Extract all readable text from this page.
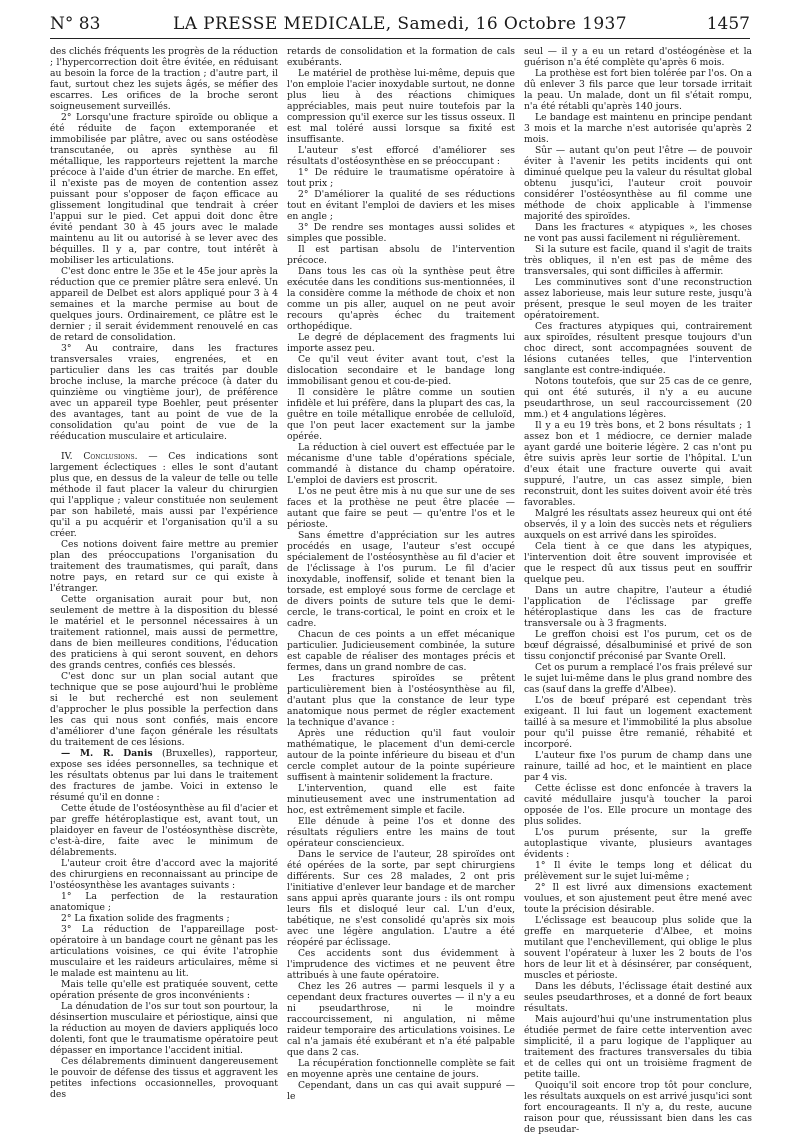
N° 83	LA PRESSE MEDICALE, Samedi, 16 Octobre 1937	1457

des clichés fréquents les progrès de la réduction ; l'hypercorrection doit être évitée, en réduisant au besoin la force de la traction ; d'autre part, il faut, surtout chez les sujets âgés, se méfier des escarres. Les orifices de la broche seront soigneusement surveillés.

2° Lorsqu'une fracture spiroïde ou oblique a été réduite de façon extemporanée et immobilisée par plâtre, avec ou sans ostéodèse transcutanée, ou après synthèse au fil métallique, les rapporteurs rejettent la marche précoce à l'aide d'un étrier de marche. En effet, il n'existe pas de moyen de contention assez puissant pour s'opposer de façon efficace au glissement longitudinal que tendrait à créer l'appui sur le pied. Cet appui doit donc être évité pendant 30 à 45 jours avec le malade maintenu au lit ou autorisé à se lever avec des béquilles. Il y a, par contre, tout intérêt à mobiliser les articulations.

C'est donc entre le 35e et le 45e jour après la réduction que ce premier plâtre sera enlevé. Un appareil de Delbet est alors appliqué pour 3 à 4 semaines et la marche permise au bout de quelques jours. Ordinairement, ce plâtre est le dernier ; il serait évidemment renouvelé en cas de retard de consolidation.

3° Au contraire, dans les fractures transversales vraies, engrenées, et en particulier dans les cas traités par double broche incluse, la marche précoce (à dater du quinzième ou vingtième jour), de préférence avec un appareil type Boehler, peut présenter des avantages, tant au point de vue de la consolidation qu'au point de vue de la rééducation musculaire et articulaire.

IV. Conclusions. — Ces indications sont largement éclectiques : elles le sont d'autant plus que, en dessus de la valeur de telle ou telle méthode il faut placer la valeur du chirurgien qui l'applique ; valeur constituée non seulement par son habileté, mais aussi par l'expérience qu'il a pu acquérir et l'organisation qu'il a su créer.

Ces notions doivent faire mettre au premier plan des préoccupations l'organisation du traitement des traumatismes, qui paraît, dans notre pays, en retard sur ce qui existe à l'étranger.

Cette organisation aurait pour but, non seulement de mettre à la disposition du blessé le matériel et le personnel nécessaires à un traitement rationnel, mais aussi de permettre, dans de bien meilleures conditions, l'éducation des praticiens à qui seront souvent, en dehors des grands centres, confiés ces blessés.

C'est donc sur un plan social autant que technique que se pose aujourd'hui le problème si le but recherché est non seulement d'approcher le plus possible la perfection dans les cas qui nous sont confiés, mais encore d'améliorer d'une façon générale les résultats du traitement de ces lésions.

— M. R. Danis (Bruxelles), rapporteur, expose ses idées personnelles, sa technique et les résultats obtenus par lui dans le traitement des fractures de jambe. Voici in extenso le résumé qu'il en donne :

Cette étude de l'ostéosynthèse au fil d'acier et par greffe hétéroplastique est, avant tout, un plaidoyer en faveur de l'ostéosynthèse discrète, c'est-à-dire, faite avec le minimum de délabrements.

L'auteur croit être d'accord avec la majorité des chirurgiens en reconnaissant au principe de l'ostéosynthèse les avantages suivants :

1° La perfection de la restauration anatomique ;

2° La fixation solide des fragments ;

3° La réduction de l'appareillage post-opératoire à un bandage court ne gênant pas les articulations voisines, ce qui évite l'atrophie musculaire et les raideurs articulaires, même si le malade est maintenu au lit.

Mais telle qu'elle est pratiquée souvent, cette opération présente de gros inconvénients :

La dénudation de l'os sur tout son pourtour, la désinsertion musculaire et périostique, ainsi que la réduction au moyen de daviers appliqués loco dolenti, font que le traumatisme opératoire peut dépasser en importance l'accident initial.

Ces délabrements diminuent dangereusement le pouvoir de défense des tissus et aggravent les petites infections occasionnelles, provoquant des

retards de consolidation et la formation de cals exubérants.

Le matériel de prothèse lui-même, depuis que l'on emploie l'acier inoxydable surtout, ne donne plus lieu à des réactions chimiques appréciables, mais peut nuire toutefois par la compression qu'il exerce sur les tissus osseux. Il est mal toléré aussi lorsque sa fixité est insuffisante.

L'auteur s'est efforcé d'améliorer ses résultats d'ostéosynthèse en se préoccupant :

1° De réduire le traumatisme opératoire à tout prix ;

2° D'améliorer la qualité de ses réductions tout en évitant l'emploi de daviers et les mises en angle ;

3° De rendre ses montages aussi solides et simples que possible.

Il est partisan absolu de l'intervention précoce.

Dans tous les cas où la synthèse peut être exécutée dans les conditions sus-mentionnées, il la considère comme la méthode de choix et non comme un pis aller, auquel on ne peut avoir recours qu'après échec du traitement orthopédique.

Le degré de déplacement des fragments lui importe assez peu.

Ce qu'il veut éviter avant tout, c'est la dislocation secondaire et le bandage long immobilisant genou et cou-de-pied.

Il considère le plâtre comme un soutien infidèle et lui préfère, dans la plupart des cas, la guêtre en toile métallique enrobée de celluloïd, que l'on peut lacer exactement sur la jambe opérée.

La réduction à ciel ouvert est effectuée par le mécanisme d'une table d'opérations spéciale, commandé à distance du champ opératoire. L'emploi de daviers est proscrit.

L'os ne peut être mis à nu que sur une de ses faces et la prothèse ne peut être placée — autant que faire se peut — qu'entre l'os et le périoste.

Sans émettre d'appréciation sur les autres procédés en usage, l'auteur s'est occupé spécialement de l'ostéosynthèse au fil d'acier et de l'éclissage à l'os purum. Le fil d'acier inoxydable, inoffensif, solide et tenant bien la torsade, est employé sous forme de cerclage et de divers points de suture tels que le demi-cercle, le trans-cortical, le point en croix et le cadre.

Chacun de ces points a un effet mécanique particulier. Judicieusement combinée, la suture est capable de réaliser des montages précis et fermes, dans un grand nombre de cas.

Les fractures spiroïdes se prêtent particulièrement bien à l'ostéosynthèse au fil, d'autant plus que la constance de leur type anatomique nous permet de régler exactement la technique d'avance :

Après une réduction qu'il faut vouloir mathématique, le placement d'un demi-cercle autour de la pointe inférieure du biseau et d'un cercle complet autour de la pointe supérieure suffisent à maintenir solidement la fracture.

L'intervention, quand elle est faite minutieusement avec une instrumentation ad hoc, est extrêmement simple et facile.

Elle dénude à peine l'os et donne des résultats réguliers entre les mains de tout opérateur consciencieux.

Dans le service de l'auteur, 28 spiroïdes ont été opérées de la sorte, par sept chirurgiens différents. Sur ces 28 malades, 2 ont pris l'initiative d'enlever leur bandage et de marcher sans appui après quarante jours : ils ont rompu leurs fils et disloqué leur cal. L'un d'eux, tabétique, ne s'est consolidé qu'après six mois avec une légère angulation. L'autre a été réopéré par éclissage.

Ces accidents sont dus évidemment à l'imprudence des victimes et ne peuvent être attribués à une faute opératoire.

Chez les 26 autres — parmi lesquels il y a cependant deux fractures ouvertes — il n'y a eu ni pseudarthrose, ni le moindre raccourcissement, ni angulation, ni même raideur temporaire des articulations voisines. Le cal n'a jamais été exubérant et n'a été palpable que dans 2 cas.

La récupération fonctionnelle complète se fait en moyenne après une centaine de jours.

Cependant, dans un cas qui avait suppuré — le

seul — il y a eu un retard d'ostéogénèse et la guérison n'a été complète qu'après 6 mois.

La prothèse est fort bien tolérée par l'os. On a dû enlever 3 fils parce que leur torsade irritait la peau. Un malade, dont un fil s'était rompu, n'a été rétabli qu'après 140 jours.

Le bandage est maintenu en principe pendant 3 mois et la marche n'est autorisée qu'après 2 mois.

Sûr — autant qu'on peut l'être — de pouvoir éviter à l'avenir les petits incidents qui ont diminué quelque peu la valeur du résultat global obtenu jusqu'ici, l'auteur croit pouvoir considérer l'ostéosynthèse au fil comme une méthode de choix applicable à l'immense majorité des spiroïdes.

Dans les fractures « atypiques », les choses ne vont pas aussi facilement ni régulièrement.

Si la suture est facile, quand il s'agit de traits très obliques, il n'en est pas de même des transversales, qui sont difficiles à affermir.

Les comminutives sont d'une reconstruction assez laborieuse, mais leur suture reste, jusqu'à présent, presque le seul moyen de les traiter opératoirement.

Ces fractures atypiques qui, contrairement aux spiroïdes, résultent presque toujours d'un choc direct, sont accompagnées souvent de lésions cutanées telles, que l'intervention sanglante est contre-indiquée.

Notons toutefois, que sur 25 cas de ce genre, qui ont été suturés, il n'y a eu aucune pseudarthrose, un seul raccourcissement (20 mm.) et 4 angulations légères.

Il y a eu 19 très bons, et 2 bons résultats ; 1 assez bon et 1 médiocre, ce dernier malade ayant gardé une boiterie légère. 2 cas n'ont pu être suivis après leur sortie de l'hôpital. L'un d'eux était une fracture ouverte qui avait suppuré, l'autre, un cas assez simple, bien reconstruit, dont les suites doivent avoir été très favorables.

Malgré les résultats assez heureux qui ont été observés, il y a loin des succès nets et réguliers auxquels on est arrivé dans les spiroïdes.

Cela tient à ce que dans les atypiques, l'intervention doit être souvent improvisée et que le respect dû aux tissus peut en souffrir quelque peu.

Dans un autre chapitre, l'auteur a étudié l'application de l'éclissage par greffe hétéroplastique dans les cas de fracture transversale ou à 3 fragments.

Le greffon choisi est l'os purum, cet os de bœuf dégraissé, désalbuminisé et privé de son tissu conjonctif préconisé par Svante Orell.

Cet os purum a remplacé l'os frais prélevé sur le sujet lui-même dans le plus grand nombre des cas (sauf dans la greffe d'Albee).

L'os de bœuf préparé est cependant très exigeant. Il lui faut un logement exactement taillé à sa mesure et l'immobilité la plus absolue pour qu'il puisse être remanié, réhabité et incorporé.

L'auteur fixe l'os purum de champ dans une rainure, taillé ad hoc, et le maintient en place par 4 vis.

Cette éclisse est donc enfoncée à travers la cavité médullaire jusqu'à toucher la paroi opposée de l'os. Elle procure un montage des plus solides.

L'os purum présente, sur la greffe autoplastique vivante, plusieurs avantages évidents :

1° Il évite le temps long et délicat du prélèvement sur le sujet lui-même ;

2° Il est livré aux dimensions exactement voulues, et son ajustement peut être mené avec toute la précision désirable.

L'éclissage est beaucoup plus solide que la greffe en marqueterie d'Albee, et moins mutilant que l'enchevillement, qui oblige le plus souvent l'opérateur à luxer les 2 bouts de l'os hors de leur lit et à désinsérer, par conséquent, muscles et périoste.

Dans les débuts, l'éclissage était destiné aux seules pseudarthroses, et a donné de fort beaux résultats.

Mais aujourd'hui qu'une instrumentation plus étudiée permet de faire cette intervention avec simplicité, il a paru logique de l'appliquer au traitement des fractures transversales du tibia et de celles qui ont un troisième fragment de petite taille.

Quoiqu'il soit encore trop tôt pour conclure, les résultats auxquels on est arrivé jusqu'ici sont fort encourageants. Il n'y a, du reste, aucune raison pour que, réussissant bien dans les cas de pseudar-
